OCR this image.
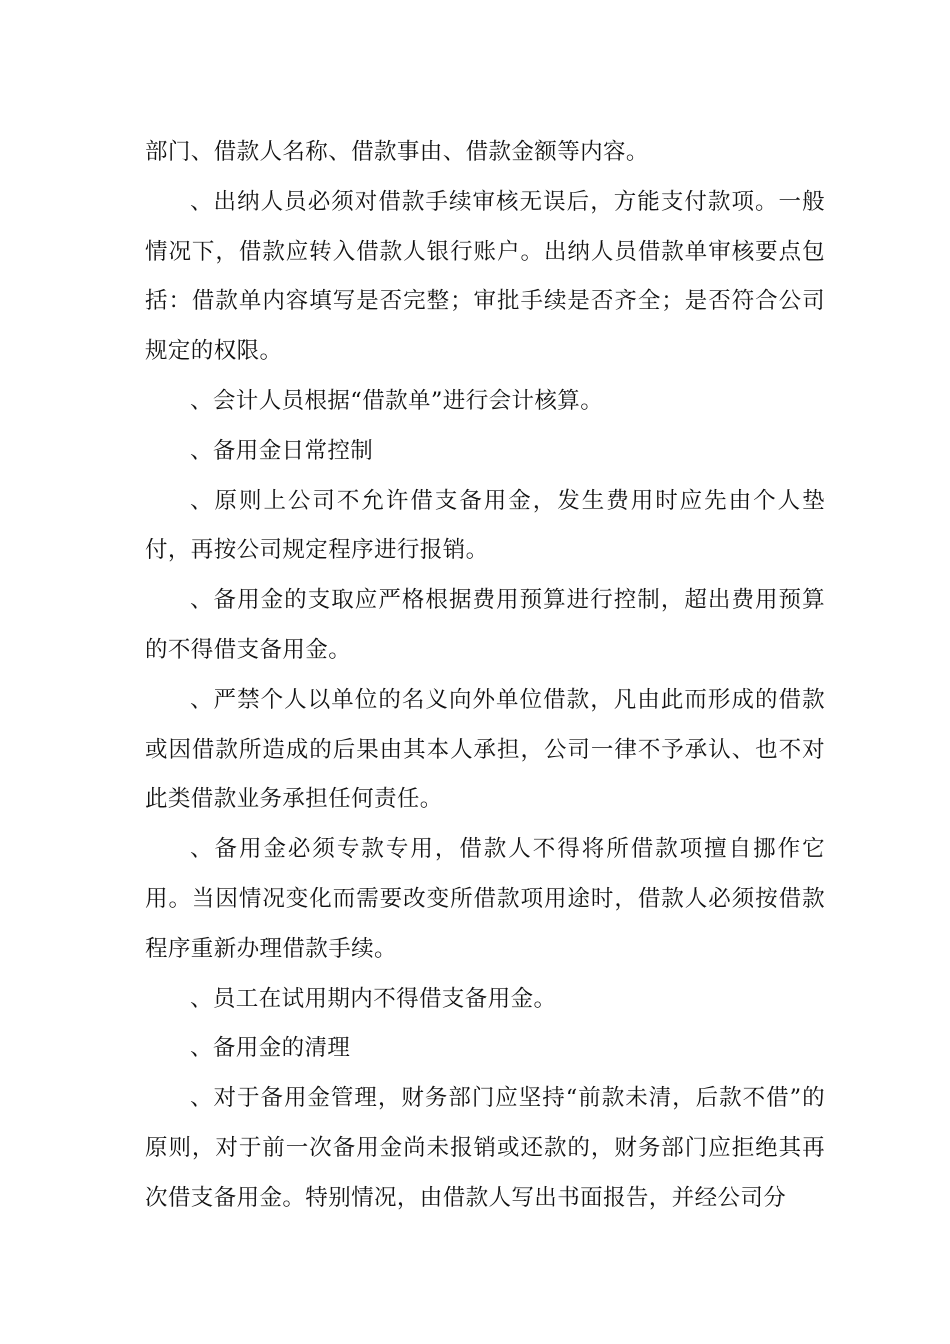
部门、借款人名称、借款事由、借款金额等内容。

、出纳人员必须对借款手续审核无误后，方能支付款项。一般情况下，借款应转入借款人银行账户。出纳人员借款单审核要点包括：借款单内容填写是否完整；审批手续是否齐全；是否符合公司规定的权限。

、会计人员根据“借款单”进行会计核算。

、备用金日常控制

、原则上公司不允许借支备用金，发生费用时应先由个人垫付，再按公司规定程序进行报销。

、备用金的支取应严格根据费用预算进行控制，超出费用预算的不得借支备用金。

、严禁个人以单位的名义向外单位借款，凡由此而形成的借款或因借款所造成的后果由其本人承担，公司一律不予承认、也不对此类借款业务承担任何责任。

、备用金必须专款专用，借款人不得将所借款项擅自挪作它用。当因情况变化而需要改变所借款项用途时，借款人必须按借款程序重新办理借款手续。

、员工在试用期内不得借支备用金。

、备用金的清理

、对于备用金管理，财务部门应坚持“前款未清，后款不借”的原则，对于前一次备用金尚未报销或还款的，财务部门应拒绝其再次借支备用金。特别情况，由借款人写出书面报告，并经公司分
